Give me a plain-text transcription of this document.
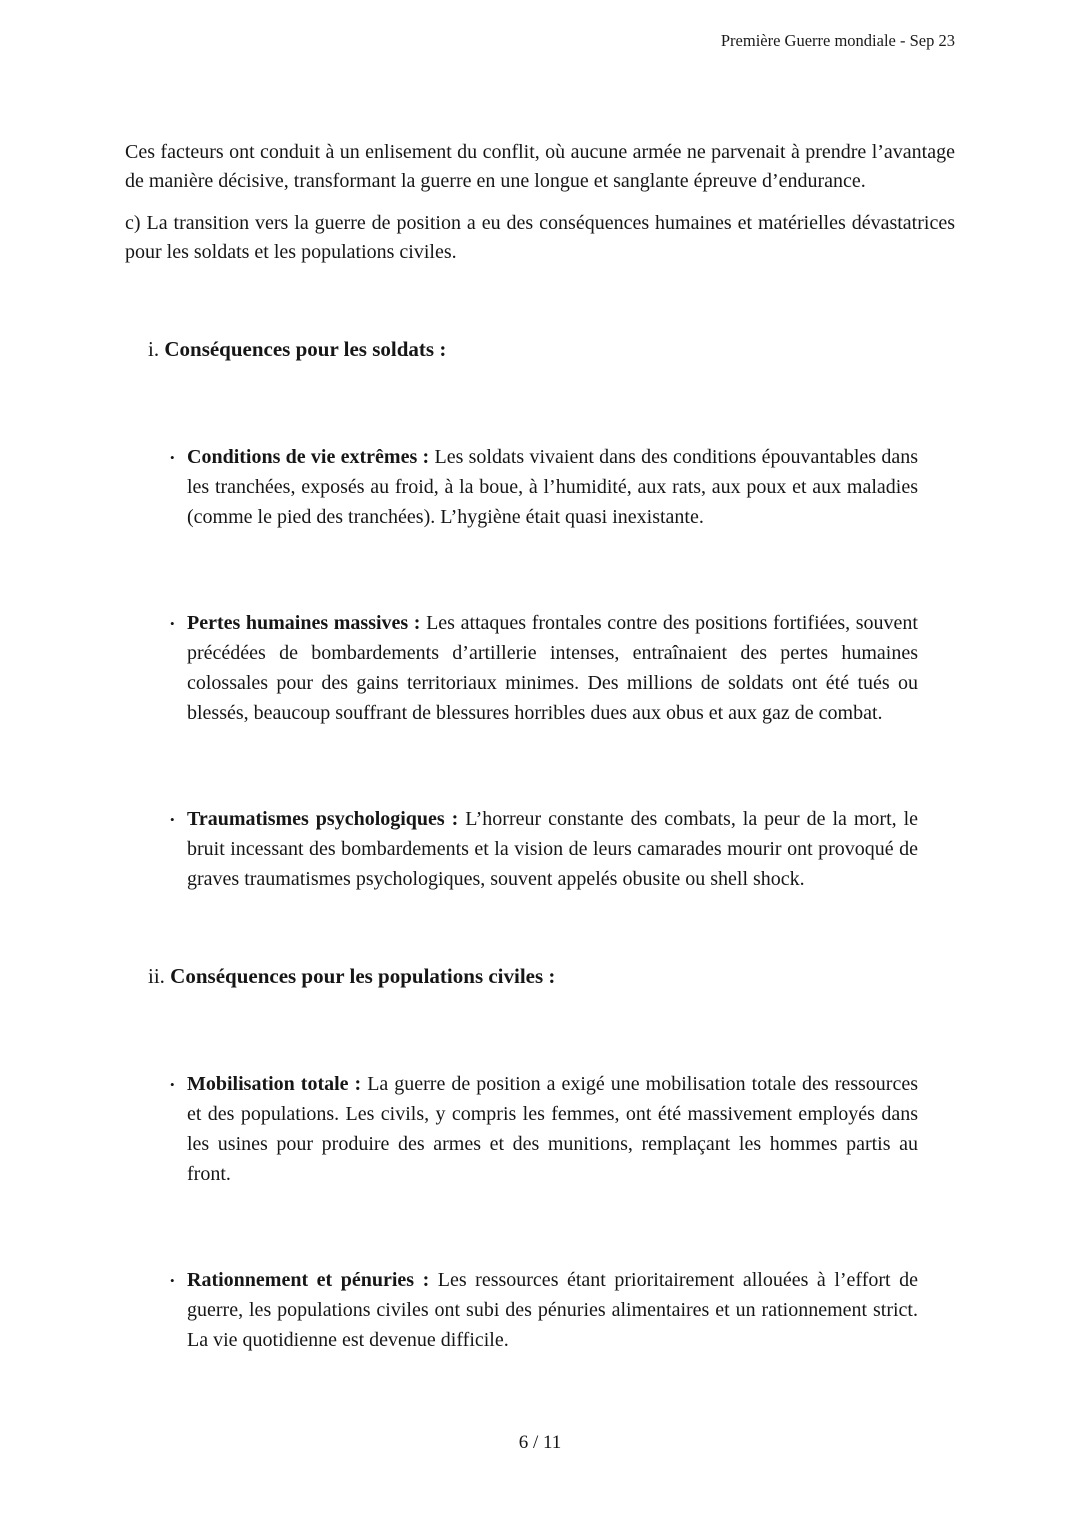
Première Guerre mondiale - Sep 23

Ces facteurs ont conduit à un enlisement du conflit, où aucune armée ne parvenait à prendre l’avantage de manière décisive, transformant la guerre en une longue et sanglante épreuve d’endurance.

c) La transition vers la guerre de position a eu des conséquences humaines et matérielles dévastatrices pour les soldats et les populations civiles.

i. Conséquences pour les soldats :
• Conditions de vie extrêmes : Les soldats vivaient dans des conditions épouvantables dans les tranchées, exposés au froid, à la boue, à l’humidité, aux rats, aux poux et aux maladies (comme le pied des tranchées). L’hygiène était quasi inexistante.

• Pertes humaines massives : Les attaques frontales contre des positions fortifiées, souvent précédées de bombardements d’artillerie intenses, entraînaient des pertes humaines colossales pour des gains territoriaux minimes. Des millions de soldats ont été tués ou blessés, beaucoup souffrant de blessures horribles dues aux obus et aux gaz de combat.

• Traumatismes psychologiques : L’horreur constante des combats, la peur de la mort, le bruit incessant des bombardements et la vision de leurs camarades mourir ont provoqué de graves traumatismes psychologiques, souvent appelés obusite ou shell shock.

ii. Conséquences pour les populations civiles :
• Mobilisation totale : La guerre de position a exigé une mobilisation totale des ressources et des populations. Les civils, y compris les femmes, ont été massivement employés dans les usines pour produire des armes et des munitions, remplaçant les hommes partis au front.

• Rationnement et pénuries : Les ressources étant prioritairement allouées à l’effort de guerre, les populations civiles ont subi des pénuries alimentaires et un rationnement strict. La vie quotidienne est devenue difficile.

6 / 11
